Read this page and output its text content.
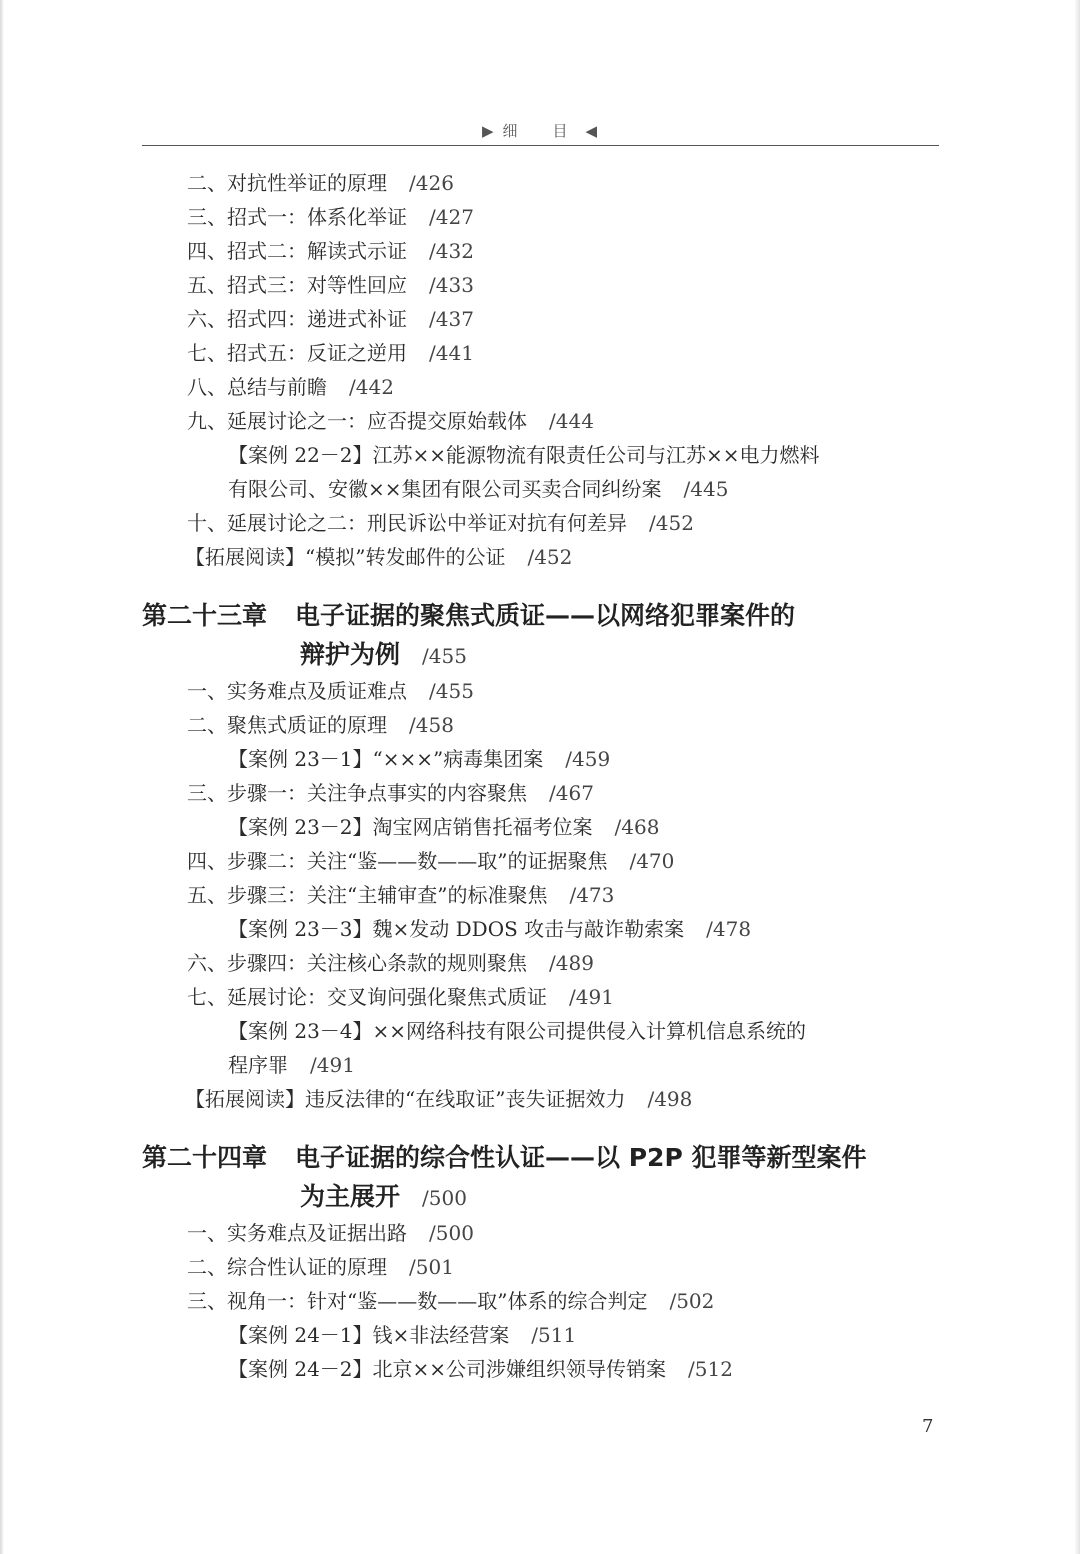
▶ 细　目 ◀
二、对抗性举证的原理 /426
三、招式一：体系化举证 /427
四、招式二：解读式示证 /432
五、招式三：对等性回应 /433
六、招式四：递进式补证 /437
七、招式五：反证之逆用 /441
八、总结与前瞻 /442
九、延展讨论之一：应否提交原始载体 /444
【案例 22－2】江苏××能源物流有限责任公司与江苏××电力燃料
有限公司、安徽××集团有限公司买卖合同纠纷案 /445
十、延展讨论之二：刑民诉讼中举证对抗有何差异 /452
【拓展阅读】“模拟”转发邮件的公证 /452
第二十三章 电子证据的聚焦式质证——以网络犯罪案件的
辩护为例 /455
一、实务难点及质证难点 /455
二、聚焦式质证的原理 /458
【案例 23－1】“×××”病毒集团案 /459
三、步骤一：关注争点事实的内容聚焦 /467
【案例 23－2】淘宝网店销售托福考位案 /468
四、步骤二：关注“鉴——数——取”的证据聚焦 /470
五、步骤三：关注“主辅审查”的标准聚焦 /473
【案例 23－3】魏×发动 DDOS 攻击与敲诈勒索案 /478
六、步骤四：关注核心条款的规则聚焦 /489
七、延展讨论：交叉询问强化聚焦式质证 /491
【案例 23－4】××网络科技有限公司提供侵入计算机信息系统的
程序罪 /491
【拓展阅读】违反法律的“在线取证”丧失证据效力 /498
第二十四章 电子证据的综合性认证——以 P2P 犯罪等新型案件
为主展开 /500
一、实务难点及证据出路 /500
二、综合性认证的原理 /501
三、视角一：针对“鉴——数——取”体系的综合判定 /502
【案例 24－1】钱×非法经营案 /511
【案例 24－2】北京××公司涉嫌组织领导传销案 /512
7
